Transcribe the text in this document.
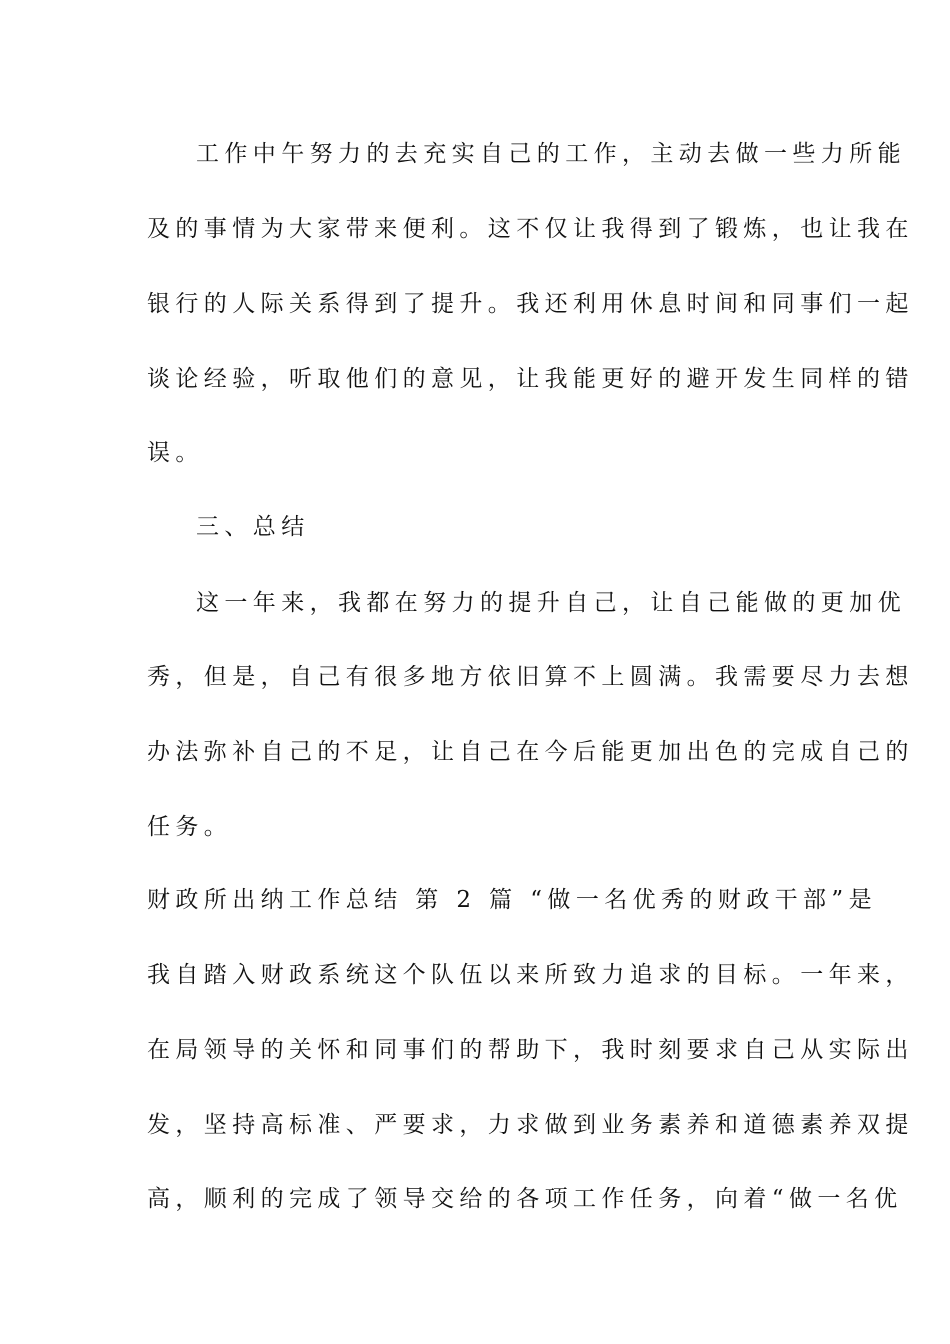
工作中午努力的去充实自己的工作，主动去做一些力所能
及的事情为大家带来便利。这不仅让我得到了锻炼，也让我在
银行的人际关系得到了提升。我还利用休息时间和同事们一起
谈论经验，听取他们的意见，让我能更好的避开发生同样的错
误。
三、总结
这一年来，我都在努力的提升自己，让自己能做的更加优
秀，但是，自己有很多地方依旧算不上圆满。我需要尽力去想
办法弥补自己的不足，让自己在今后能更加出色的完成自己的
任务。
财政所出纳工作总结 第 2 篇 “做一名优秀的财政干部”是
我自踏入财政系统这个队伍以来所致力追求的目标。一年来，
在局领导的关怀和同事们的帮助下，我时刻要求自己从实际出
发，坚持高标准、严要求，力求做到业务素养和道德素养双提
高，顺利的完成了领导交给的各项工作任务，向着“做一名优
